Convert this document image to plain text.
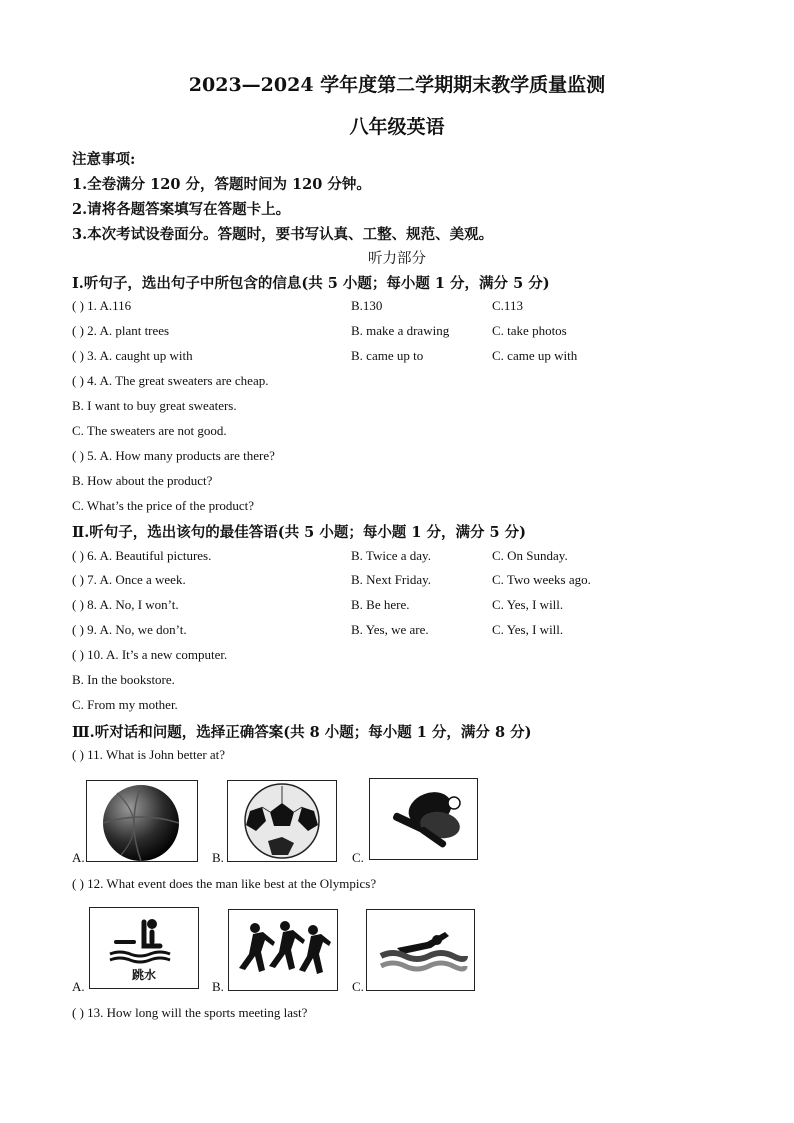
2023—2024 学年度第二学期期末教学质量监测
八年级英语
注意事项:
1.全卷满分 120 分，答题时间为 120 分钟。
2.请将各题答案填写在答题卡上。
3.本次考试设卷面分。答题时，要书写认真、工整、规范、美观。
听力部分
Ⅰ.听句子，选出句子中所包含的信息(共 5 小题；每小题 1 分，满分 5 分)
( ) 1. A.116	B.130	C.113
( ) 2. A. plant trees	B. make a drawing	C. take photos
( ) 3. A. caught up with	B. came up to	C. came up with
( ) 4. A. The great sweaters are cheap.
B. I want to buy great sweaters.
C. The sweaters are not good.
( ) 5. A. How many products are there?
B. How about the product?
C. What’s the price of the product?
Ⅱ.听句子，选出该句的最佳答语(共 5 小题；每小题 1 分，满分 5 分)
( ) 6. A. Beautiful pictures.	B. Twice a day.	C. On Sunday.
( ) 7. A. Once a week.	B. Next Friday.	C. Two weeks ago.
( ) 8. A. No, I won’t.	B. Be here.	C. Yes, I will.
( ) 9. A. No, we don’t.	B. Yes, we are.	C. Yes, I will.
( ) 10. A. It’s a new computer.
B. In the bookstore.
C. From my mother.
Ⅲ.听对话和问题，选择正确答案(共 8 小题；每小题 1 分，满分 8 分)
( ) 11. What is John better at?
A.	B.	C.
( ) 12. What event does the man like best at the Olympics?
A.
跳水
B.	C.
( ) 13. How long will the sports meeting last?
